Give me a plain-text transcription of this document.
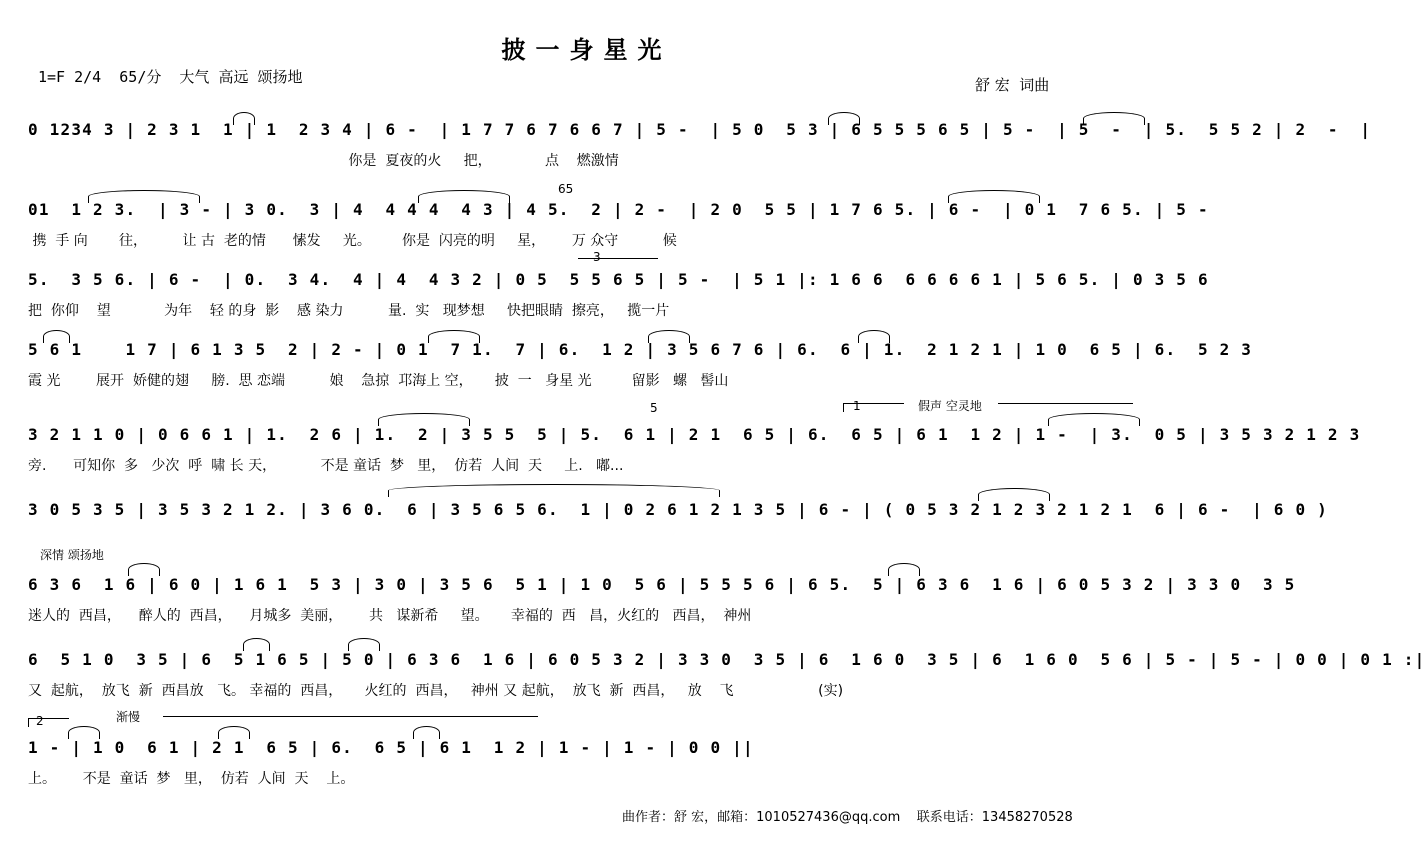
披一身星光
1=F 2/4  65/分  大气 高远 颂扬地	舒 宏  词曲
0 1234 3 | 2 3 1  1 | 1  2 3 4 | 6 -  | 1 7 7 6 7 6 6 7 | 5 -  | 5 0  5 3 | 6 5 5 5 6 5 | 5 -  | 5  -  | 5.  5 5 2 | 2  -  |
你是  夏夜的火     把，            点    燃激情
01  1 2 3.  | 3 - | 3 0.  3 | 4  4 4 4  4 3 | 4 5.  2 | 2 -  | 2 0  5 5 | 1 7 6 5. | 6 -  | 0 1  7 6 5. | 5 -
携  手 向       往，        让 古  老的情      愫发     光。       你是  闪亮的明     星，      万 众守          候
65
5.  3 5 6. | 6 -  | 0.  3 4.  4 | 4  4 3 2 | 0 5  5 5 6 5 | 5 -  | 5 1 |: 1 6 6  6 6 6 6 1 | 5 6 5. | 0 3 5 6
把  你仰    望            为年    轻 的身  影    感 染力          量.  实   现梦想     快把眼睛  擦亮，   揽一片
3
5 6 1    1 7 | 6 1 3 5  2 | 2 - | 0 1  7 1.  7 | 6.  1 2 | 3 5 6 7 6 | 6.  6 | 1.  2 1 2 1 | 1 0  6 5 | 6.  5 2 3
霞 光        展开  娇健的翅     膀.  思 恋端          娘    急掠  邛海上 空，     披  一   身星 光         留影   螺   髻山
3 2 1 1 0 | 0 6 6 1 | 1.  2 6 | 1.  2 | 3 5 5  5 | 5.  6 1 | 2 1  6 5 | 6.  6 5 | 6 1  1 2 | 1 -  | 3.  0 5 | 3 5 3 2 1 2 3
旁.      可知你  多   少次  呼  啸 长 天，          不是 童话  梦   里，  仿若  人间  天     上.   嘟...
1	假声 空灵地
5
3 0 5 3 5 | 3 5 3 2 1 2. | 3 6 0.  6 | 3 5 6 5 6.  1 | 0 2 6 1 2 1 3 5 | 6 - | ( 0 5 3 2 1 2 3 2 1 2 1  6 | 6 -  | 6 0 )
深情 颂扬地
6 3 6  1 6 | 6 0 | 1 6 1  5 3 | 3 0 | 3 5 6  5 1 | 1 0  5 6 | 5 5 5 6 | 6 5.  5 | 6 3 6  1 6 | 6 0 5 3 2 | 3 3 0  3 5
迷人的  西昌，    醉人的  西昌，    月城多  美丽，      共   谋新希     望。     幸福的  西   昌，火红的   西昌，  神州
6  5 1 0  3 5 | 6  5 1 6 5 | 5 0 | 6 3 6  1 6 | 6 0 5 3 2 | 3 3 0  3 5 | 6  1 6 0  3 5 | 6  1 6 0  5 6 | 5 - | 5 - | 0 0 | 0 1 :|
又  起航，  放飞  新  西昌放   飞。 幸福的  西昌，     火红的  西昌，   神州 又 起航，  放飞  新  西昌，   放    飞                   (实)
1 - | 1 0  6 1 | 2 1  6 5 | 6.  6 5 | 6 1  1 2 | 1 - | 1 - | 0 0 ||
上。      不是  童话  梦   里，  仿若  人间  天    上。
2	渐慢
曲作者：舒 宏，邮箱：1010527436@qq.com    联系电话：13458270528
